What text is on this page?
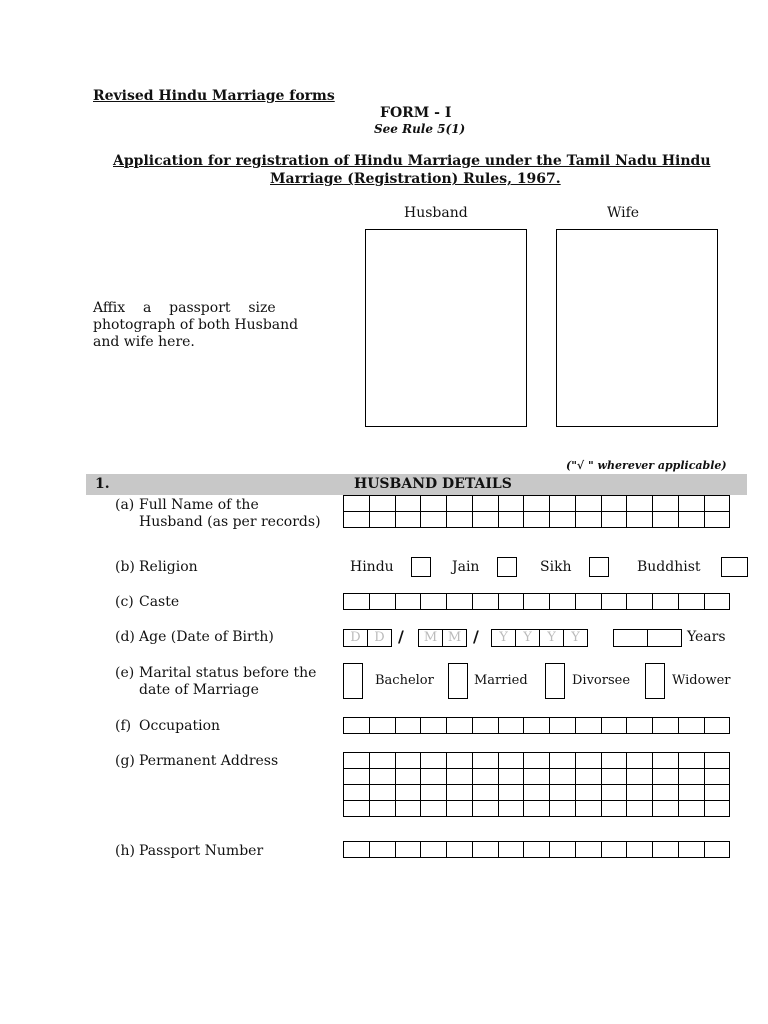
Revised Hindu Marriage forms
FORM - I
See Rule 5(1)
Application for registration of Hindu Marriage under the Tamil Nadu Hindu
Marriage (Registration) Rules, 1967.
Husband	Wife
Affix    a    passport    size
photograph of both Husband
and wife here.
("√ " wherever applicable)
1.	HUSBAND DETAILS
(a) Full Name of the
Husband (as per records)
(b) Religion	Hindu	Jain	Sikh	Buddhist
(c) Caste
(d) Age (Date of Birth)	D	D /	M M /	Y	Y	Y	Y	Years
(e) Marital status before the
date of Marriage
Bachelor	Married	Divorsee	Widower
(f) Occupation
(g) Permanent Address
(h) Passport Number
